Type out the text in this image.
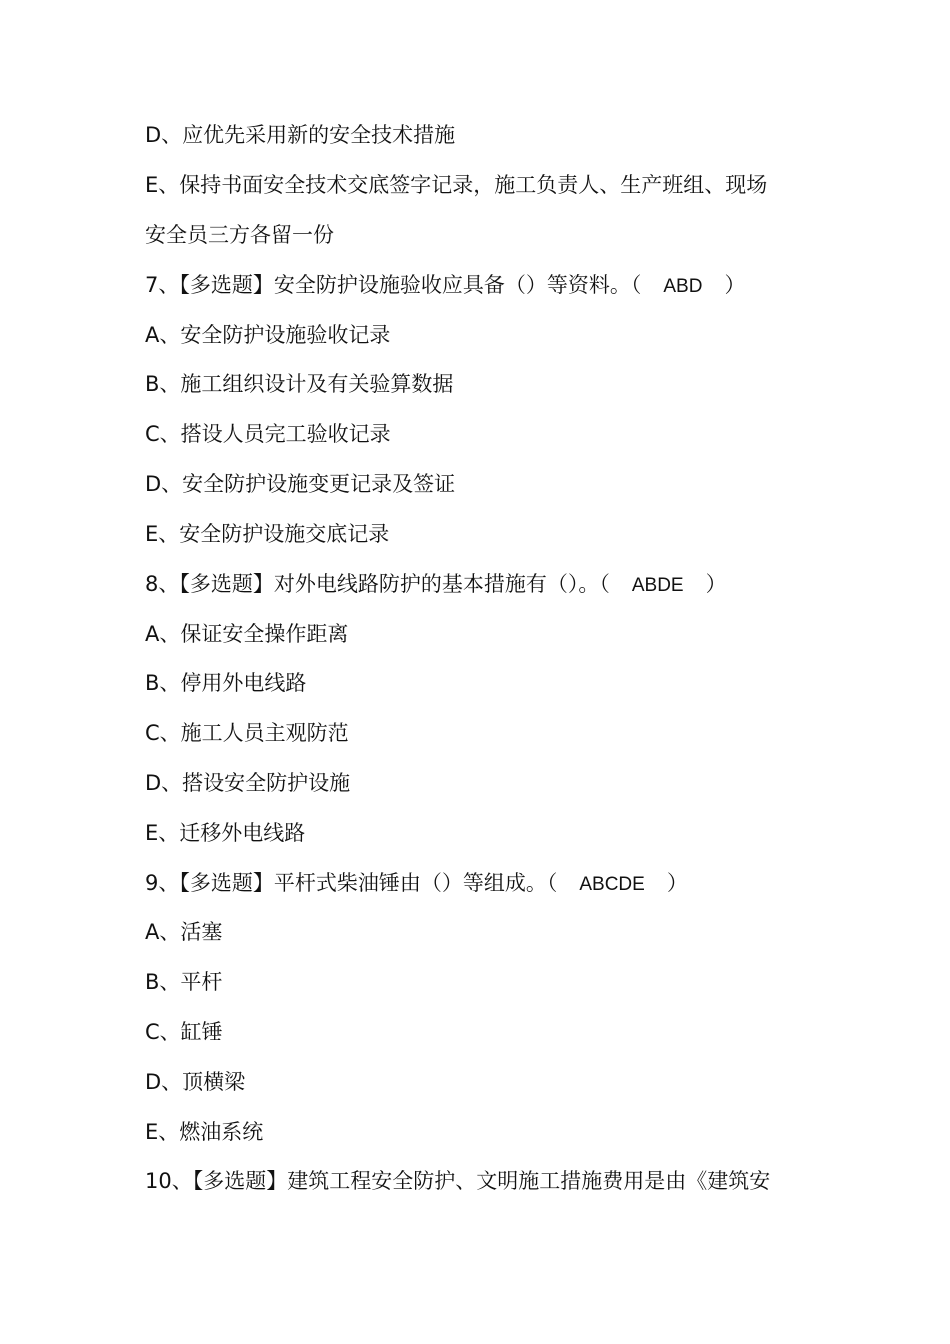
D、应优先采用新的安全技术措施
E、保持书面安全技术交底签字记录，施工负责人、生产班组、现场
安全员三方各留一份
7、【多选题】安全防护设施验收应具备（）等资料。（ ABD ）
A、安全防护设施验收记录
B、施工组织设计及有关验算数据
C、搭设人员完工验收记录
D、安全防护设施变更记录及签证
E、安全防护设施交底记录
8、【多选题】对外电线路防护的基本措施有（）。（ ABDE ）
A、保证安全操作距离
B、停用外电线路
C、施工人员主观防范
D、搭设安全防护设施
E、迁移外电线路
9、【多选题】平杆式柴油锤由（）等组成。（ ABCDE ）
A、活塞
B、平杆
C、缸锤
D、顶横梁
E、燃油系统
10、【多选题】建筑工程安全防护、文明施工措施费用是由《建筑安
